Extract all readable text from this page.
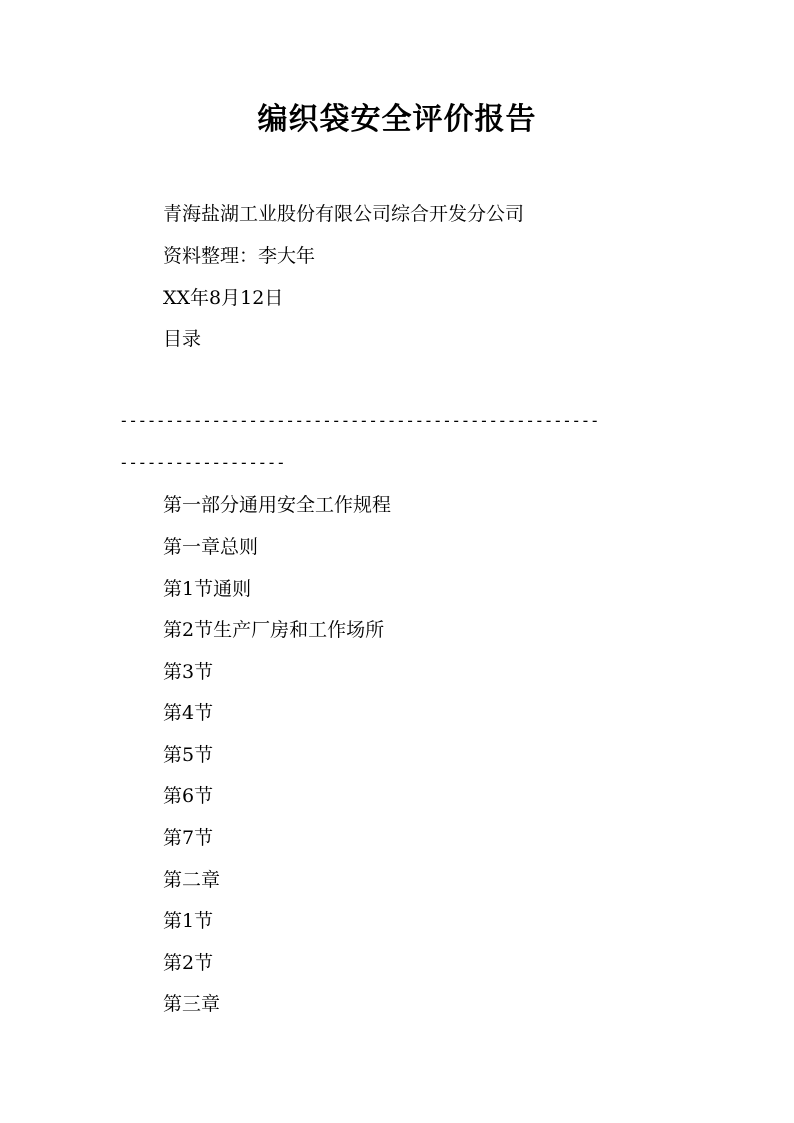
编织袋安全评价报告
青海盐湖工业股份有限公司综合开发分公司
资料整理：李大年
XX年8月12日
目录
----------------------------------------------------
------------------
第一部分通用安全工作规程
第一章总则
第1节通则
第2节生产厂房和工作场所
第3节
第4节
第5节
第6节
第7节
第二章
第1节
第2节
第三章
